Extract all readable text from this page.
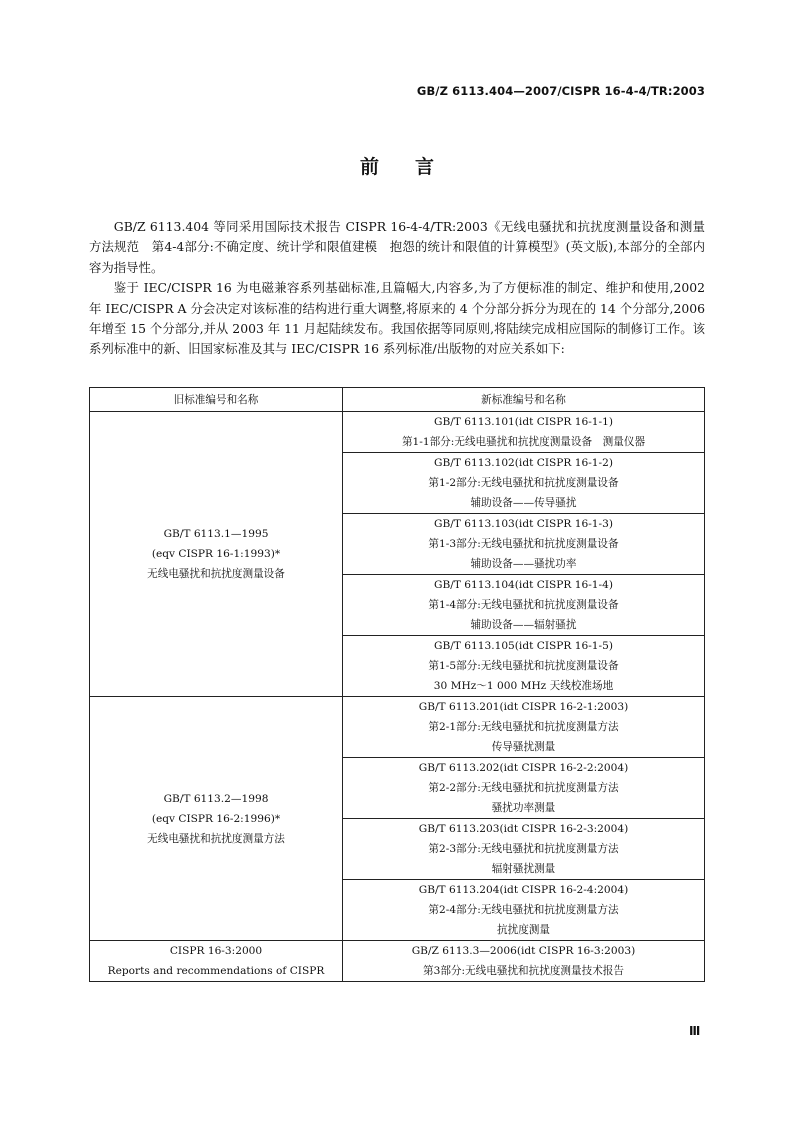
GB/Z 6113.404—2007/CISPR 16-4-4/TR:2003
前言

GB/Z 6113.404 等同采用国际技术报告 CISPR 16-4-4/TR:2003《无线电骚扰和抗扰度测量设备和测量方法规范　第4-4部分:不确定度、统计学和限值建模　抱怨的统计和限值的计算模型》(英文版),本部分的全部内容为指导性。

鉴于 IEC/CISPR 16 为电磁兼容系列基础标准,且篇幅大,内容多,为了方便标准的制定、维护和使用,2002 年 IEC/CISPR A 分会决定对该标准的结构进行重大调整,将原来的 4 个分部分拆分为现在的 14 个分部分,2006 年增至 15 个分部分,并从 2003 年 11 月起陆续发布。我国依据等同原则,将陆续完成相应国际的制修订工作。该系列标准中的新、旧国家标准及其与 IEC/CISPR 16 系列标准/出版物的对应关系如下:

旧标准编号和名称	新标准编号和名称

GB/T 6113.1—1995
(eqv CISPR 16-1:1993)*
无线电骚扰和抗扰度测量设备	GB/T 6113.101(idt CISPR 16-1-1)
第1-1部分:无线电骚扰和抗扰度测量设备　测量仪器

	GB/T 6113.102(idt CISPR 16-1-2)
第1-2部分:无线电骚扰和抗扰度测量设备
辅助设备——传导骚扰

	GB/T 6113.103(idt CISPR 16-1-3)
第1-3部分:无线电骚扰和抗扰度测量设备
辅助设备——骚扰功率

	GB/T 6113.104(idt CISPR 16-1-4)
第1-4部分:无线电骚扰和抗扰度测量设备
辅助设备——辐射骚扰

	GB/T 6113.105(idt CISPR 16-1-5)
第1-5部分:无线电骚扰和抗扰度测量设备
30 MHz～1 000 MHz 天线校准场地

GB/T 6113.2—1998
(eqv CISPR 16-2:1996)*
无线电骚扰和抗扰度测量方法	GB/T 6113.201(idt CISPR 16-2-1:2003)
第2-1部分:无线电骚扰和抗扰度测量方法
传导骚扰测量

	GB/T 6113.202(idt CISPR 16-2-2:2004)
第2-2部分:无线电骚扰和抗扰度测量方法
骚扰功率测量

	GB/T 6113.203(idt CISPR 16-2-3:2004)
第2-3部分:无线电骚扰和抗扰度测量方法
辐射骚扰测量

	GB/T 6113.204(idt CISPR 16-2-4:2004)
第2-4部分:无线电骚扰和抗扰度测量方法
抗扰度测量

CISPR 16-3:2000
Reports and recommendations of CISPR	GB/Z 6113.3—2006(idt CISPR 16-3:2003)
第3部分:无线电骚扰和抗扰度测量技术报告
Ⅲ
